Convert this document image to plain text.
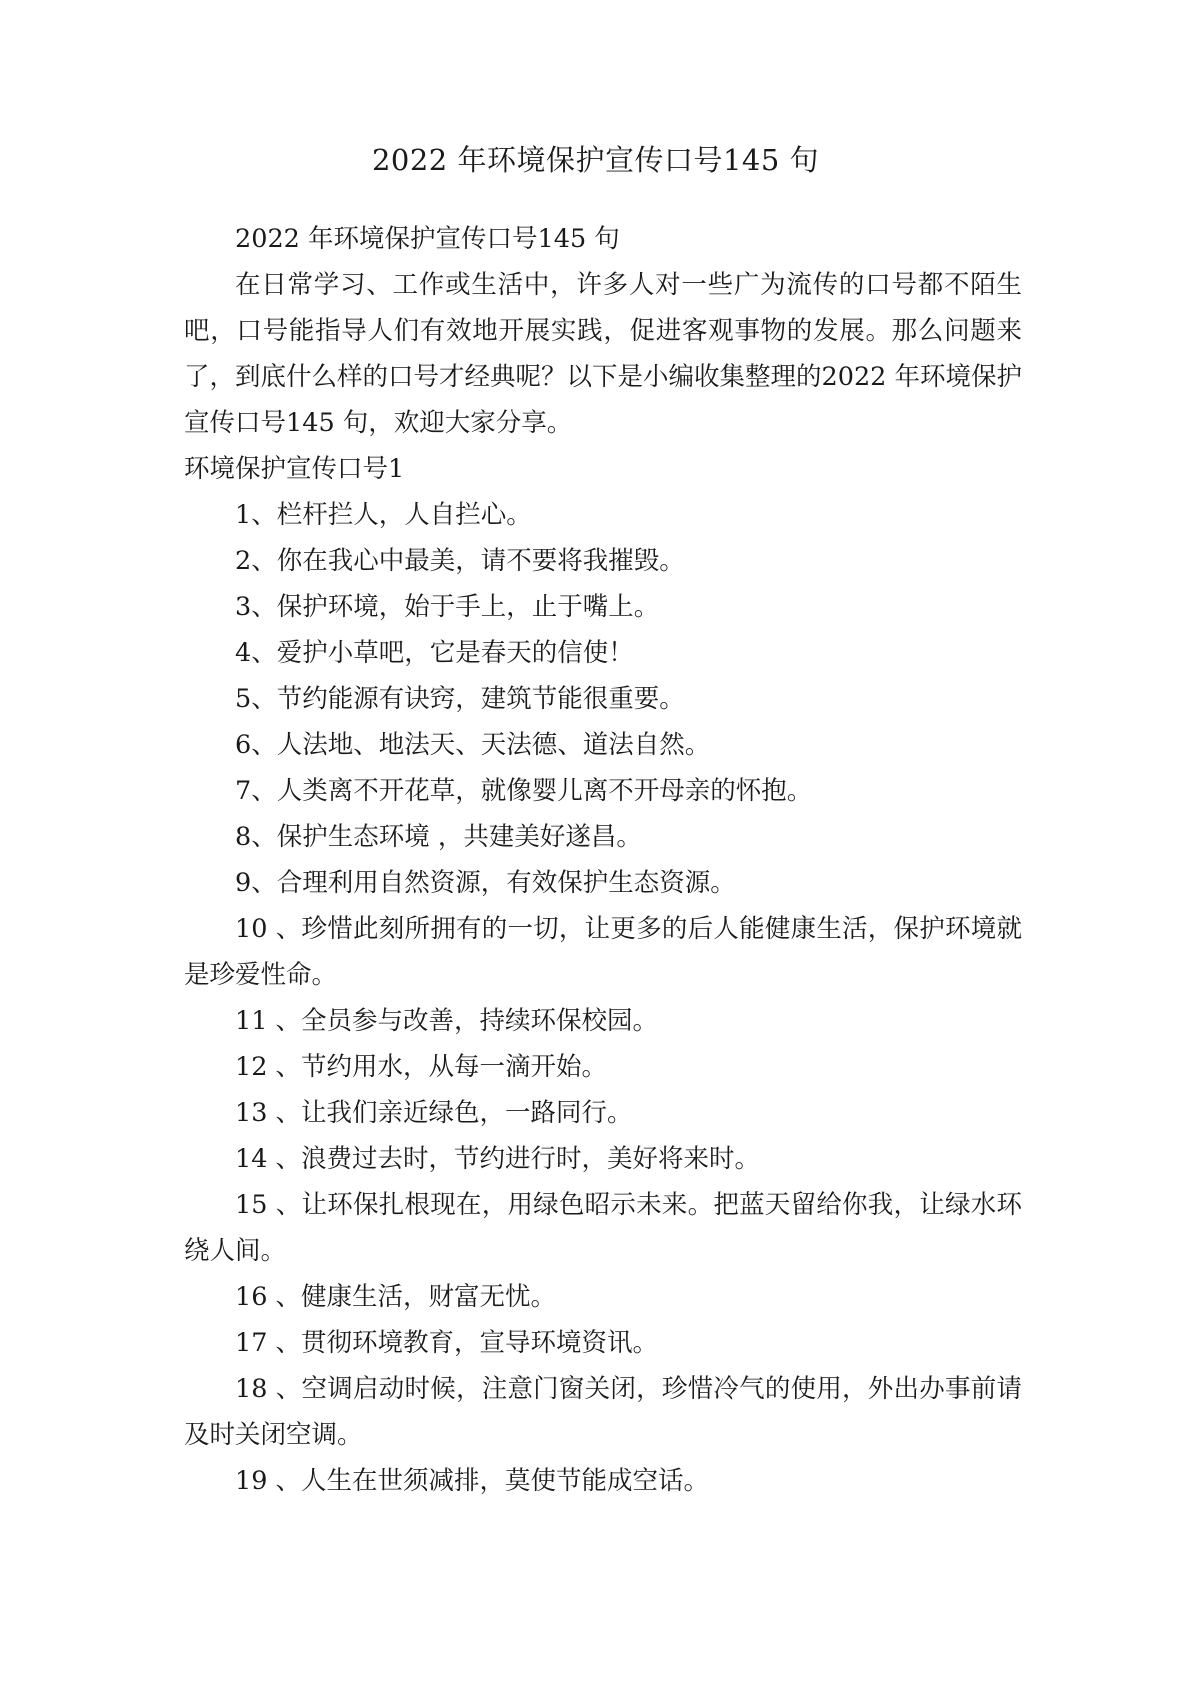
2022 年环境保护宣传口号145 句

2022 年环境保护宣传口号145 句

在日常学习、工作或生活中，许多人对一些广为流传的口号都不陌生吧，口号能指导人们有效地开展实践，促进客观事物的发展。那么问题来了，到底什么样的口号才经典呢？以下是小编收集整理的2022 年环境保护宣传口号145 句，欢迎大家分享。

环境保护宣传口号1

1、栏杆拦人，人自拦心。

2、你在我心中最美，请不要将我摧毁。

3、保护环境，始于手上，止于嘴上。

4、爱护小草吧，它是春天的信使！

5、节约能源有诀窍，建筑节能很重要。

6、人法地、地法天、天法德、道法自然。

7、人类离不开花草，就像婴儿离不开母亲的怀抱。

8、保护生态环境 ，共建美好遂昌。

9、合理利用自然资源，有效保护生态资源。

10 、珍惜此刻所拥有的一切，让更多的后人能健康生活，保护环境就是珍爱性命。

11 、全员参与改善，持续环保校园。

12 、节约用水，从每一滴开始。

13 、让我们亲近绿色，一路同行。

14 、浪费过去时，节约进行时，美好将来时。

15 、让环保扎根现在，用绿色昭示未来。把蓝天留给你我，让绿水环绕人间。

16 、健康生活，财富无忧。

17 、贯彻环境教育，宣导环境资讯。

18 、空调启动时候，注意门窗关闭，珍惜冷气的使用，外出办事前请及时关闭空调。

19 、人生在世须减排，莫使节能成空话。
